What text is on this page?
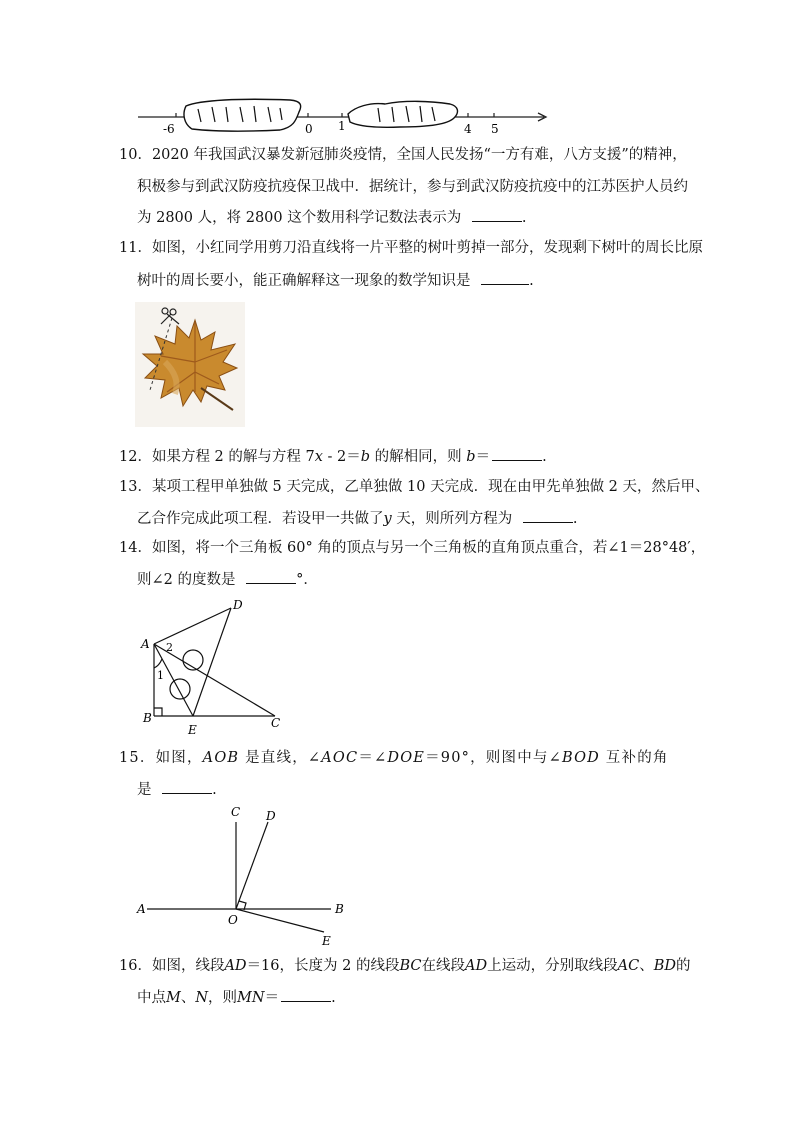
-6	0 1	4 5
10．2020 年我国武汉暴发新冠肺炎疫情，全国人民发扬“一方有难，八方支援”的精神，
积极参与到武汉防疫抗疫保卫战中．据统计，参与到武汉防疫抗疫中的江苏医护人员约
为 2800 人，将 2800 这个数用科学记数法表示为	.
11．如图，小红同学用剪刀沿直线将一片平整的树叶剪掉一部分，发现剩下树叶的周长比原
树叶的周长要小，能正确解释这一现象的数学知识是	.
12．如果方程 2 的解与方程 7x - 2＝b 的解相同，则 b＝	.
13．某项工程甲单独做 5 天完成，乙单独做 10 天完成．现在由甲先单独做 2 天，然后甲、
乙合作完成此项工程．若设甲一共做了y 天，则所列方程为	.
14．如图，将一个三角板 60° 角的顶点与另一个三角板的直角顶点重合，若∠1＝28°48′，
则∠2 的度数是	°．
A 2
1
B
E	C
D
15．如图，AOB 是直线，∠AOC＝∠DOE＝90°，则图中与∠BOD 互补的角
是	.
C D
A
O
B
E
16．如图，线段AD＝16，长度为 2 的线段BC在线段AD上运动，分别取线段AC、BD的
中点M、N，则MN＝	.
